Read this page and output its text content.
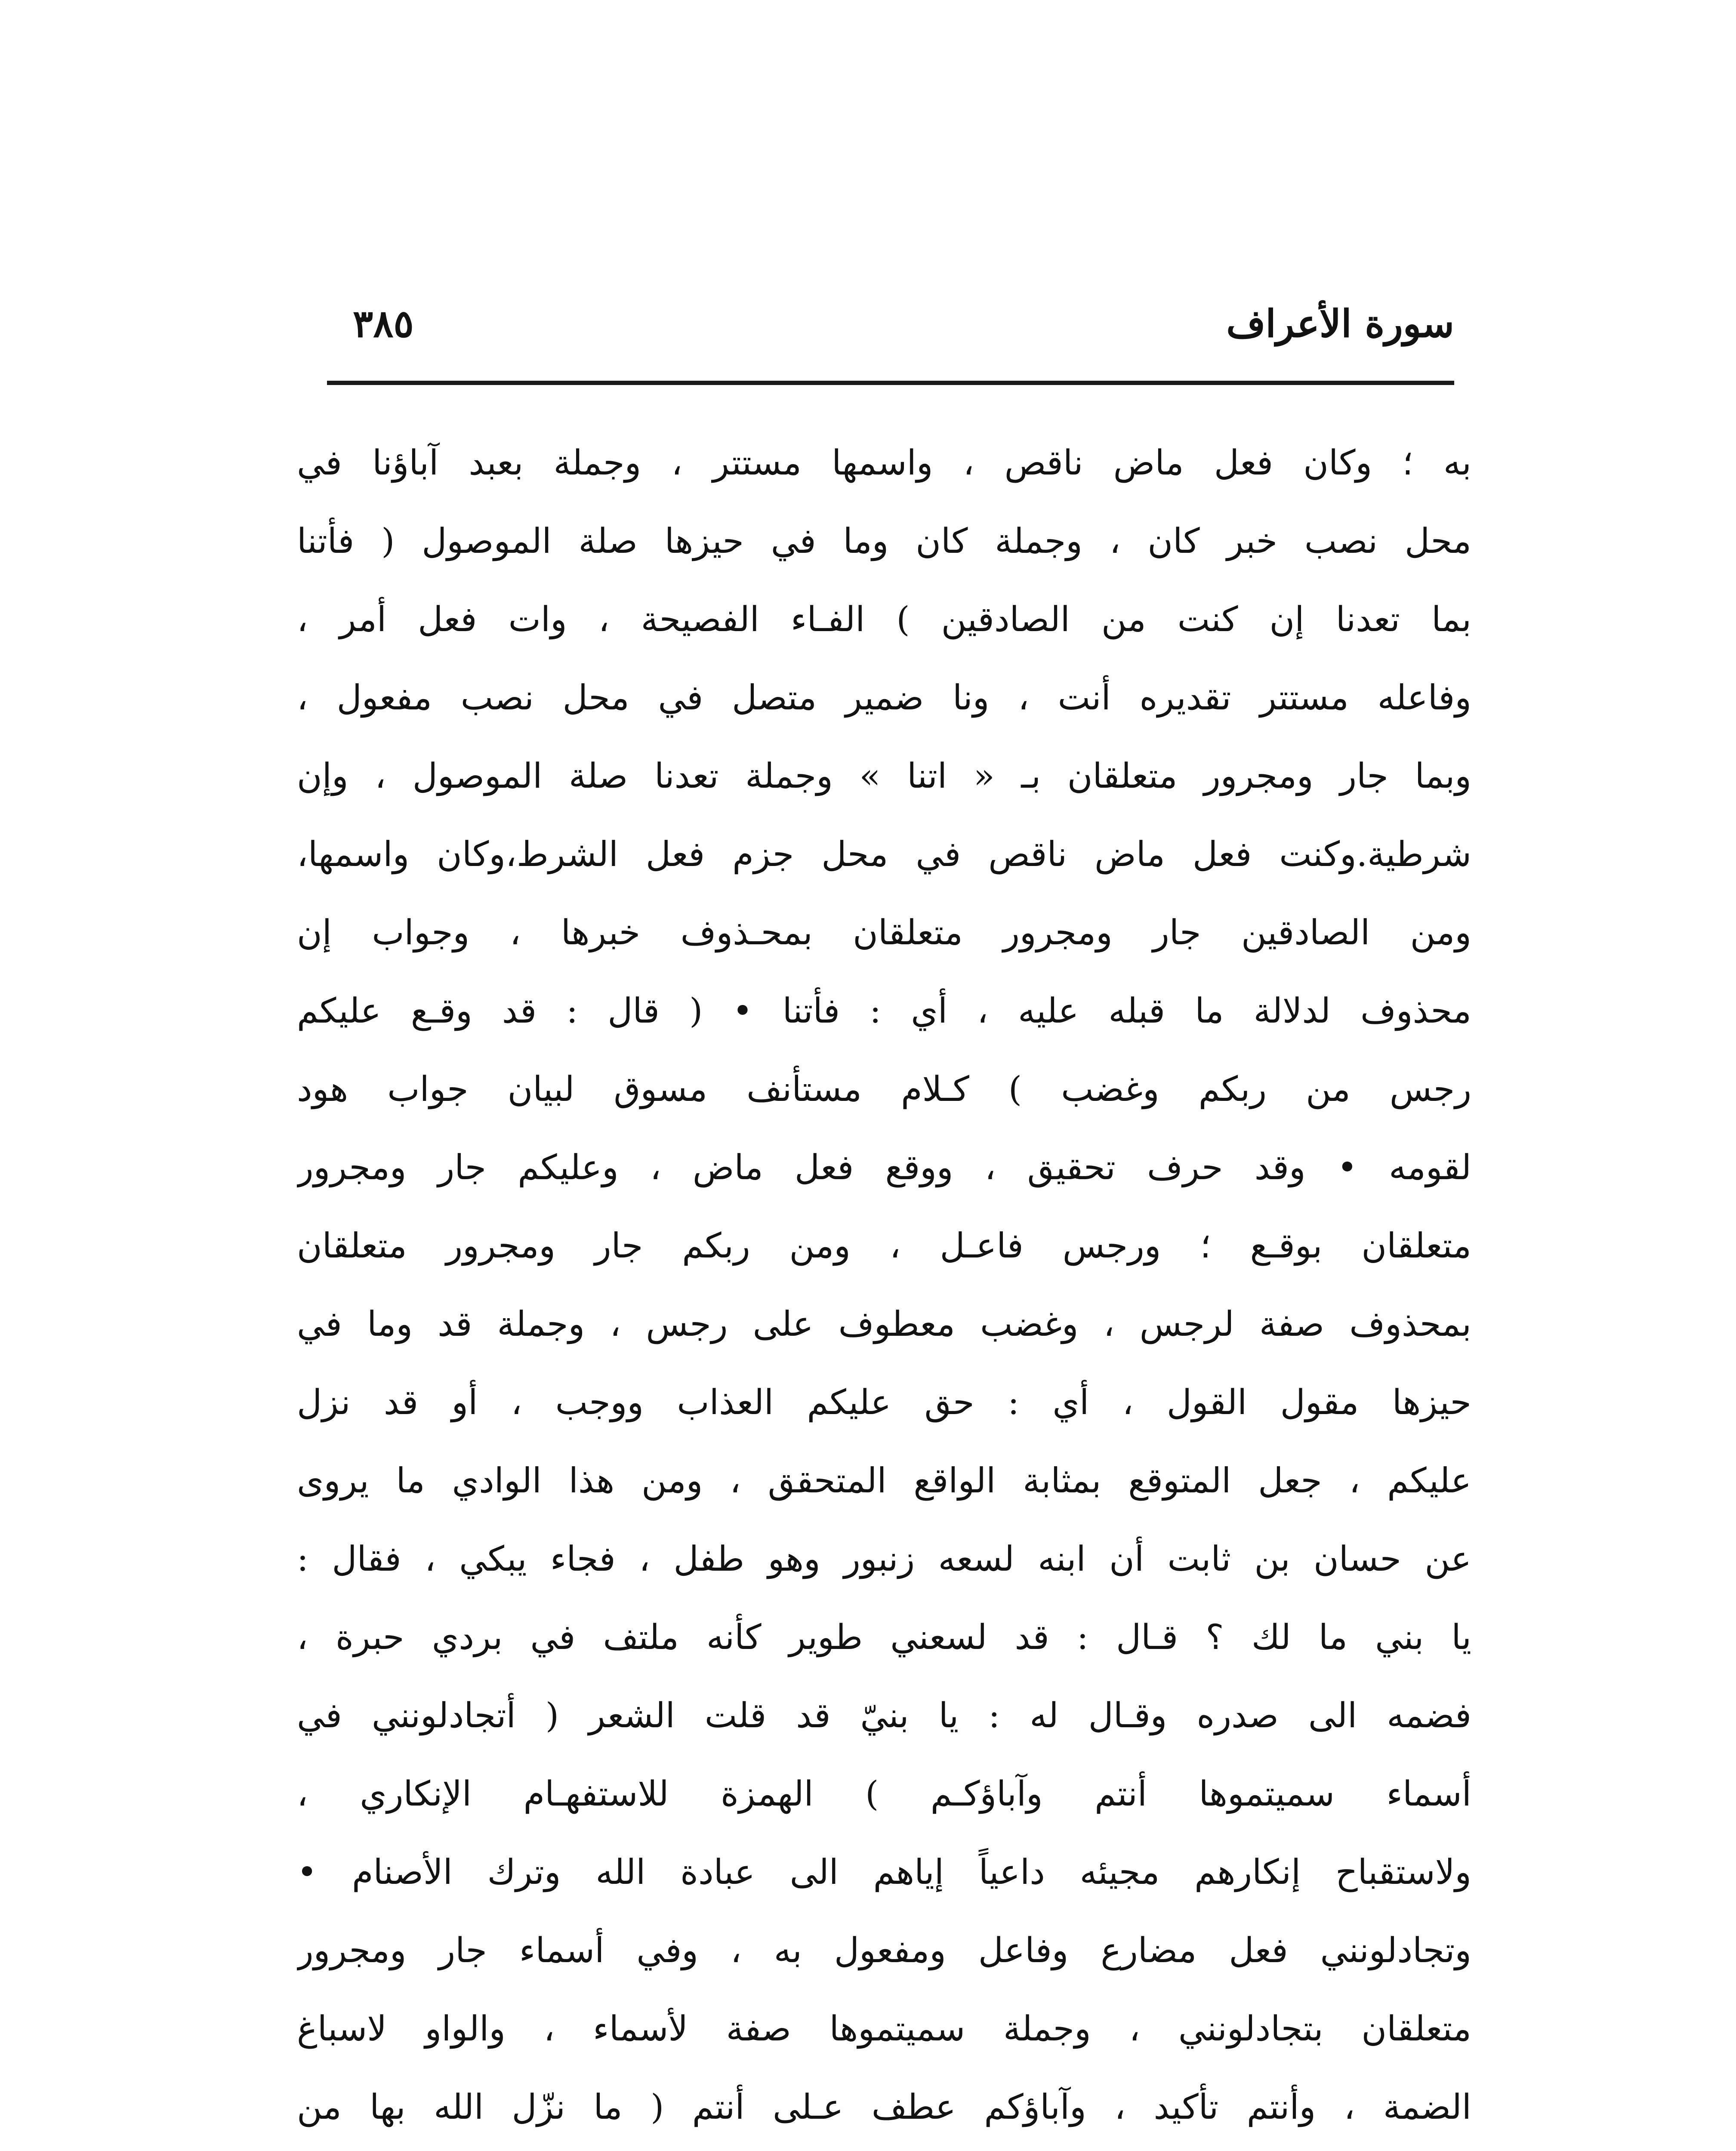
سورة الأعراف
٣٨٥
به ؛ وكان فعل ماض ناقص ، واسمها مستتر ، وجملة بعبد آباؤنا في
محل نصب خبر كان ، وجملة كان وما في حيزها صلة الموصول ( فأتنا
بما تعدنا إن كنت من الصادقين ) الفـاء الفصيحة ، وات فعل أمر ،
وفاعله مستتر تقديره أنت ، ونا ضمير متصل في محل نصب مفعول ،
وبما جار ومجرور متعلقان بـ « اتنا » وجملة تعدنا صلة الموصول ، وإن
شرطية.وكنت فعل ماض ناقص في محل جزم فعل الشرط،وكان واسمها،
ومن الصادقين جار ومجرور متعلقان بمحـذوف خبرها ، وجواب إن
محذوف لدلالة ما قبله عليه ، أي : فأتنا • ( قال : قد وقـع عليكم
رجس من ربكم وغضب ) كـلام مستأنف مسوق لبيان جواب هود
لقومه • وقد حرف تحقيق ، ووقع فعل ماض ، وعليكم جار ومجرور
متعلقان بوقـع ؛ ورجس فاعـل ، ومن ربكم جار ومجرور متعلقان
بمحذوف صفة لرجس ، وغضب معطوف على رجس ، وجملة قد وما في
حيزها مقول القول ، أي : حق عليكم العذاب ووجب ، أو قد نزل
عليكم ، جعل المتوقع بمثابة الواقع المتحقق ، ومن هذا الوادي ما يروى
عن حسان بن ثابت أن ابنه لسعه زنبور وهو طفل ، فجاء يبكي ، فقال :
يا بني ما لك ؟ قـال : قد لسعني طوير كأنه ملتف في بردي حبرة ،
فضمه الى صدره وقـال له : يا بنيّ قد قلت الشعر ( أتجادلونني في
أسماء سميتموها أنتم وآباؤكـم ) الهمزة للاستفهـام الإنكاري ،
ولاستقباح إنكارهم مجيئه داعياً إياهم الى عبادة الله وترك الأصنام •
وتجادلونني فعل مضارع وفاعل ومفعول به ، وفي أسماء جار ومجرور
متعلقان بتجادلونني ، وجملة سميتموها صفة لأسماء ، والواو لاسباغ
الضمة ، وأنتم تأكيد ، وآباؤكم عطف عـلى أنتم ( ما نزّل الله بها من
